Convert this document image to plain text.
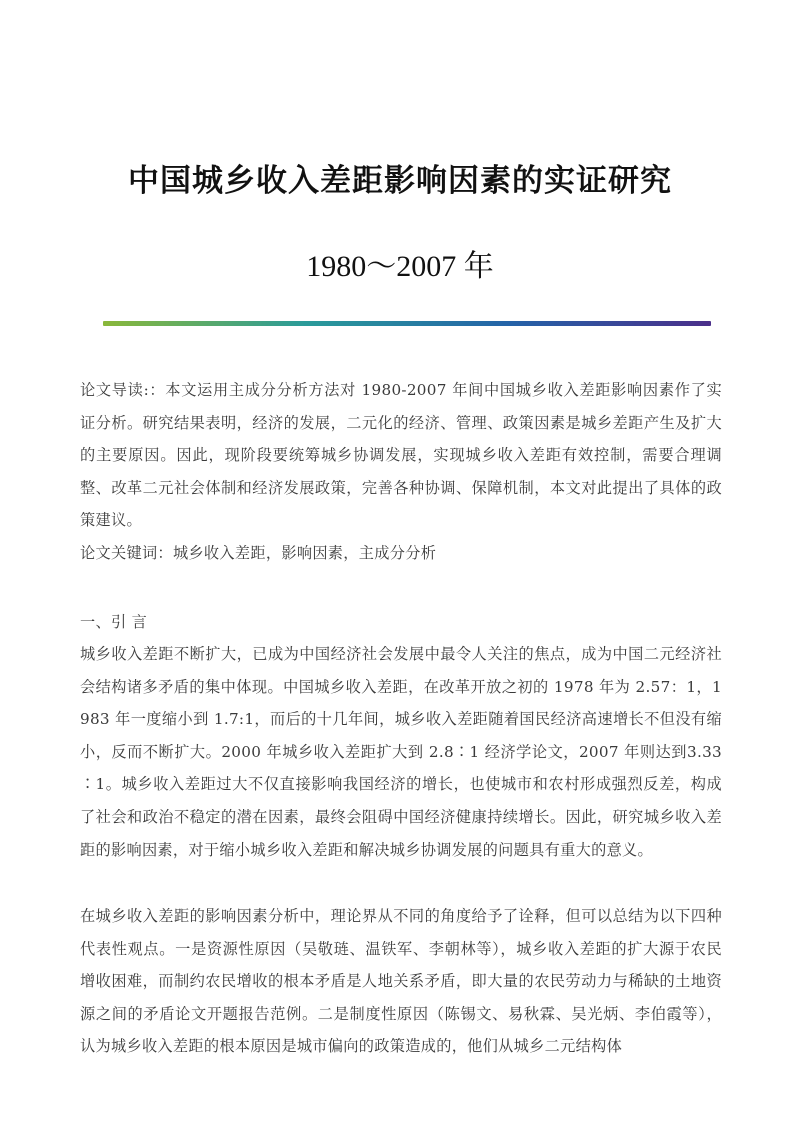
中国城乡收入差距影响因素的实证研究
1980～2007 年

论文导读:：本文运用主成分分析方法对 1980-2007 年间中国城乡收入差距影响因素作了实证分析。研究结果表明，经济的发展，二元化的经济、管理、政策因素是城乡差距产生及扩大的主要原因。因此，现阶段要统筹城乡协调发展，实现城乡收入差距有效控制，需要合理调整、改革二元社会体制和经济发展政策，完善各种协调、保障机制，本文对此提出了具体的政策建议。

论文关键词：城乡收入差距，影响因素，主成分分析

一、引 言

城乡收入差距不断扩大，已成为中国经济社会发展中最令人关注的焦点，成为中国二元经济社会结构诸多矛盾的集中体现。中国城乡收入差距，在改革开放之初的 1978 年为 2.57：1，1983 年一度缩小到 1.7:1，而后的十几年间，城乡收入差距随着国民经济高速增长不但没有缩小，反而不断扩大。2000 年城乡收入差距扩大到 2.8∶1 经济学论文，2007 年则达到3.33∶1。城乡收入差距过大不仅直接影响我国经济的增长，也使城市和农村形成强烈反差，构成了社会和政治不稳定的潜在因素，最终会阻碍中国经济健康持续增长。因此，研究城乡收入差距的影响因素，对于缩小城乡收入差距和解决城乡协调发展的问题具有重大的意义。

在城乡收入差距的影响因素分析中，理论界从不同的角度给予了诠释，但可以总结为以下四种代表性观点。一是资源性原因（吴敬琏、温铁军、李朝林等），城乡收入差距的扩大源于农民增收困难，而制约农民增收的根本矛盾是人地关系矛盾，即大量的农民劳动力与稀缺的土地资源之间的矛盾论文开题报告范例。二是制度性原因（陈锡文、易秋霖、吴光炳、李伯霞等），认为城乡收入差距的根本原因是城市偏向的政策造成的，他们从城乡二元结构体
